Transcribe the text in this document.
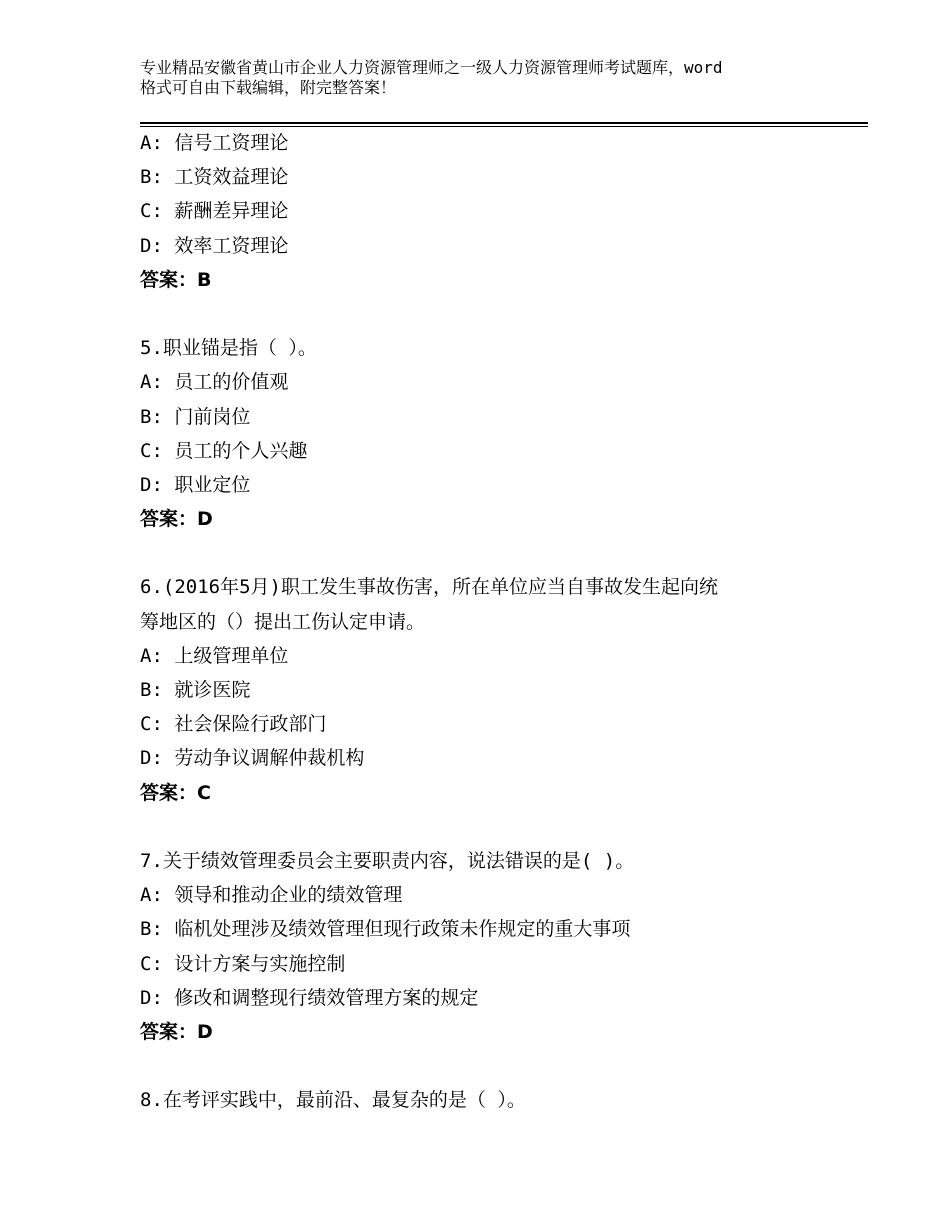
专业精品安徽省黄山市企业人力资源管理师之一级人力资源管理师考试题库，word
格式可自由下载编辑，附完整答案！
A: 信号工资理论
B: 工资效益理论
C: 薪酬差异理论
D: 效率工资理论
答案：B
5.职业锚是指（ ）。
A: 员工的价值观
B: 门前岗位
C: 员工的个人兴趣
D: 职业定位
答案：D
6.(2016年5月)职工发生事故伤害，所在单位应当自事故发生起向统
筹地区的（）提出工伤认定申请。
A: 上级管理单位
B: 就诊医院
C: 社会保险行政部门
D: 劳动争议调解仲裁机构
答案：C
7.关于绩效管理委员会主要职责内容，说法错误的是( )。
A: 领导和推动企业的绩效管理
B: 临机处理涉及绩效管理但现行政策未作规定的重大事项
C: 设计方案与实施控制
D: 修改和调整现行绩效管理方案的规定
答案：D
8.在考评实践中，最前沿、最复杂的是（ ）。
